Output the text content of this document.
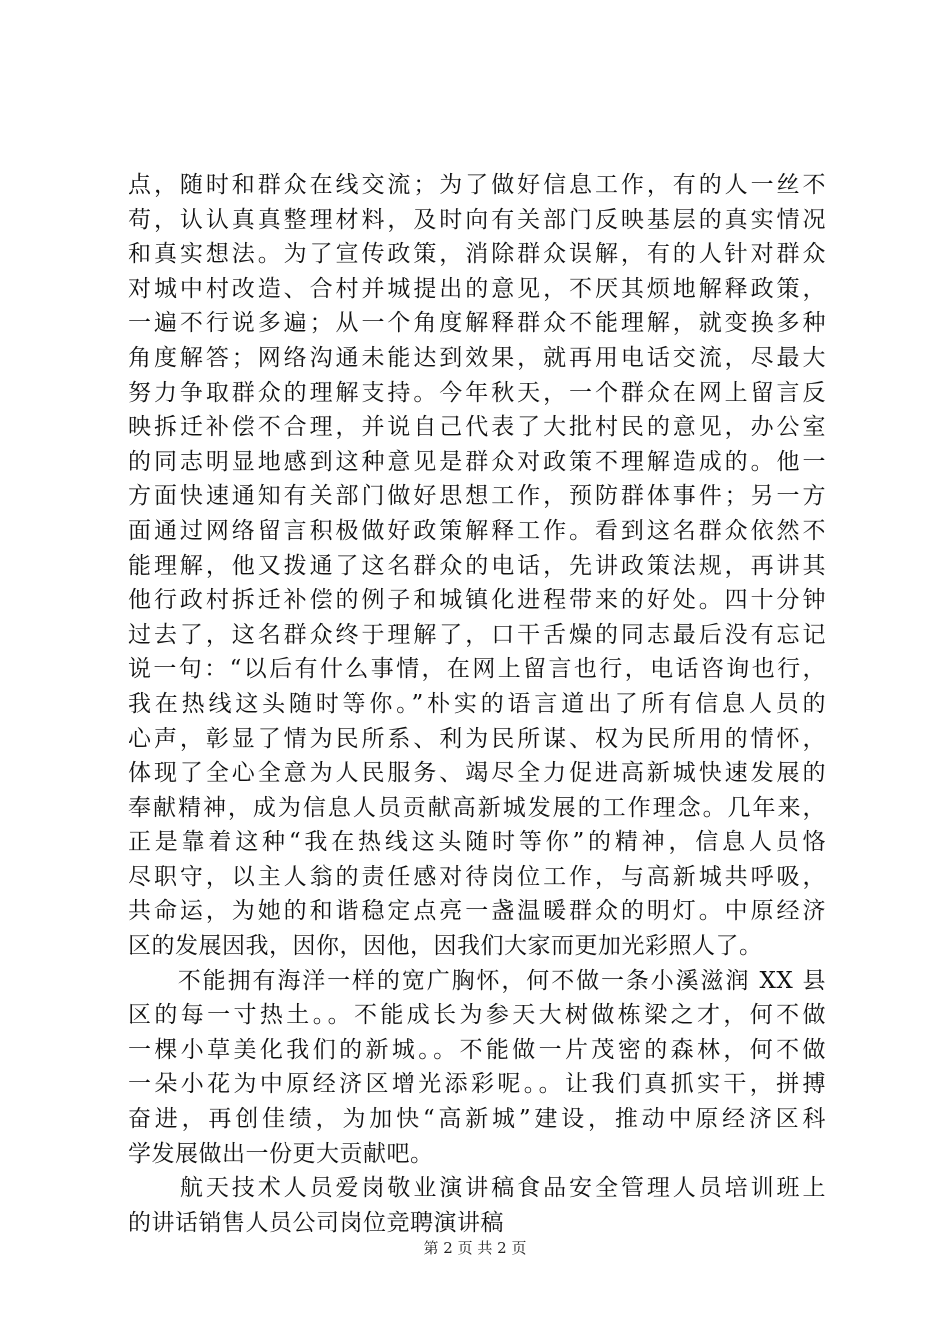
点，随时和群众在线交流；为了做好信息工作，有的人一丝不
苟，认认真真整理材料，及时向有关部门反映基层的真实情况
和真实想法。为了宣传政策，消除群众误解，有的人针对群众
对城中村改造、合村并城提出的意见，不厌其烦地解释政策，
一遍不行说多遍；从一个角度解释群众不能理解，就变换多种
角度解答；网络沟通未能达到效果，就再用电话交流，尽最大
努力争取群众的理解支持。今年秋天，一个群众在网上留言反
映拆迁补偿不合理，并说自己代表了大批村民的意见，办公室
的同志明显地感到这种意见是群众对政策不理解造成的。他一
方面快速通知有关部门做好思想工作，预防群体事件；另一方
面通过网络留言积极做好政策解释工作。看到这名群众依然不
能理解，他又拨通了这名群众的电话，先讲政策法规，再讲其
他行政村拆迁补偿的例子和城镇化进程带来的好处。四十分钟
过去了，这名群众终于理解了，口干舌燥的同志最后没有忘记
说一句：“以后有什么事情，在网上留言也行，电话咨询也行，
我在热线这头随时等你。”朴实的语言道出了所有信息人员的
心声，彰显了情为民所系、利为民所谋、权为民所用的情怀，
体现了全心全意为人民服务、竭尽全力促进高新城快速发展的
奉献精神，成为信息人员贡献高新城发展的工作理念。几年来，
正是靠着这种“我在热线这头随时等你”的精神，信息人员恪
尽职守，以主人翁的责任感对待岗位工作，与高新城共呼吸，
共命运，为她的和谐稳定点亮一盏温暖群众的明灯。中原经济
区的发展因我，因你，因他，因我们大家而更加光彩照人了。
　　不能拥有海洋一样的宽广胸怀，何不做一条小溪滋润 XX 县
区的每一寸热土。。不能成长为参天大树做栋梁之才，何不做
一棵小草美化我们的新城。。不能做一片茂密的森林，何不做
一朵小花为中原经济区增光添彩呢。。让我们真抓实干，拼搏
奋进，再创佳绩，为加快“高新城”建设，推动中原经济区科
学发展做出一份更大贡献吧。
　　航天技术人员爱岗敬业演讲稿食品安全管理人员培训班上
的讲话销售人员公司岗位竞聘演讲稿
第 2 页 共 2 页
